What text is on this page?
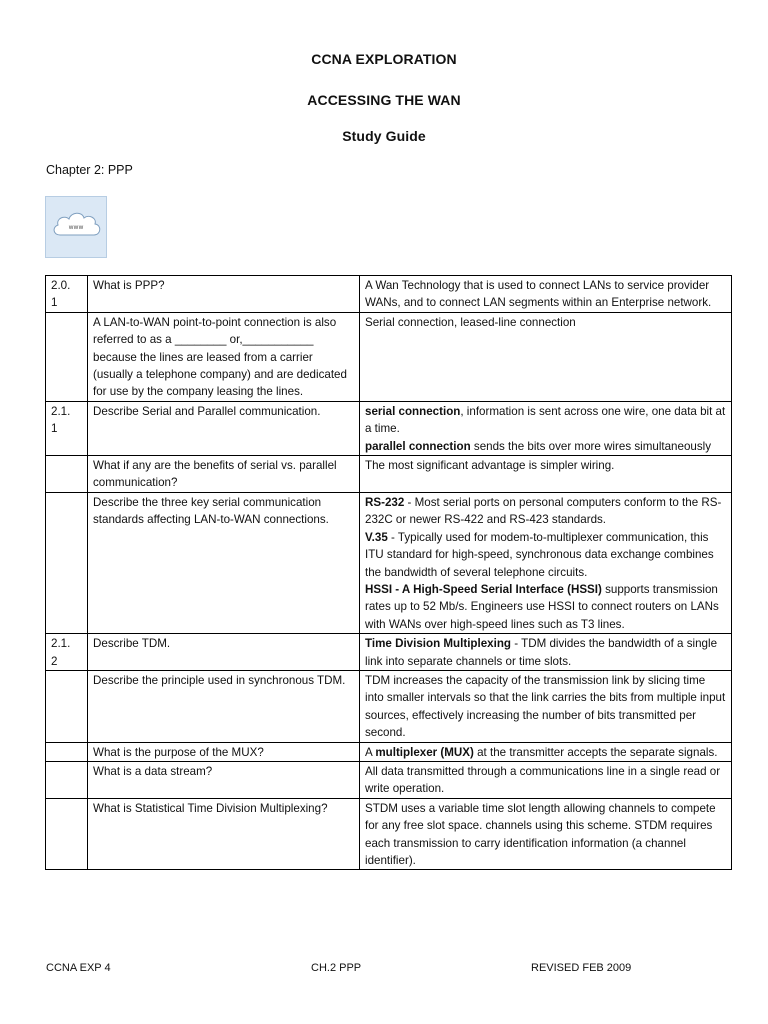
CCNA EXPLORATION
ACCESSING THE WAN
Study Guide
Chapter 2: PPP
www
2.0.
1	What is PPP?	A Wan Technology that is used to connect LANs to service provider WANs, and to connect LAN segments within an Enterprise network.
	A LAN-to-WAN point-to-point connection is also referred to as a ________ or,___________ because the lines are leased from a carrier (usually a telephone company) and are dedicated for use by the company leasing the lines.	Serial connection, leased-line connection
2.1.
1	Describe Serial and Parallel communication.	serial connection, information is sent across one wire, one data bit at a time.
parallel connection sends the bits over more wires simultaneously
	What if any are the benefits of serial vs. parallel communication?	The most significant advantage is simpler wiring.
	Describe the three key serial communication standards affecting LAN-to-WAN connections.	RS-232 - Most serial ports on personal computers conform to the RS-232C or newer RS-422 and RS-423 standards.
V.35 - Typically used for modem-to-multiplexer communication, this ITU standard for high-speed, synchronous data exchange combines the bandwidth of several telephone circuits.
HSSI - A High-Speed Serial Interface (HSSI) supports transmission rates up to 52 Mb/s. Engineers use HSSI to connect routers on LANs with WANs over high-speed lines such as T3 lines.
2.1.
2	Describe TDM.	Time Division Multiplexing - TDM divides the bandwidth of a single link into separate channels or time slots.
	Describe the principle used in synchronous TDM.	TDM increases the capacity of the transmission link by slicing time into smaller intervals so that the link carries the bits from multiple input sources, effectively increasing the number of bits transmitted per second.
	What is the purpose of the MUX?	A multiplexer (MUX) at the transmitter accepts the separate signals.
	What is a data stream?	All data transmitted through a communications line in a single read or write operation.
	What is Statistical Time Division Multiplexing?	STDM uses a variable time slot length allowing channels to compete for any free slot space. channels using this scheme. STDM requires each transmission to carry identification information (a channel identifier).
CCNA EXP 4	CH.2 PPP	REVISED FEB 2009
